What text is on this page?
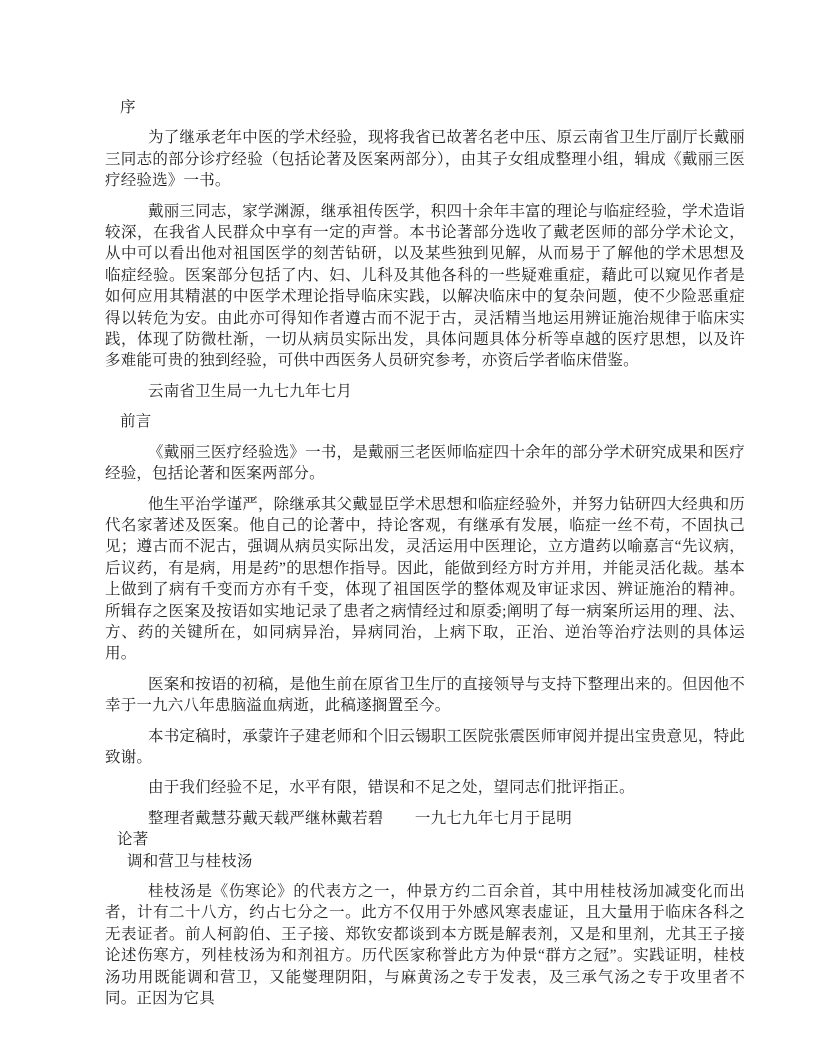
序
为了继承老年中医的学术经验，现将我省已故著名老中压、原云南省卫生厅副厅长戴丽三同志的部分诊疗经验（包括论著及医案两部分），由其子女组成整理小组，辑成《戴丽三医疗经验选》一书。
戴丽三同志，家学渊源，继承祖传医学，积四十余年丰富的理论与临症经验，学术造诣较深，在我省人民群众中享有一定的声誉。本书论著部分选收了戴老医师的部分学术论文，从中可以看出他对祖国医学的刻苦钻研，以及某些独到见解，从而易于了解他的学术思想及临症经验。医案部分包括了内、妇、儿科及其他各科的一些疑难重症，藉此可以窥见作者是如何应用其精湛的中医学术理论指导临床实践，以解决临床中的复杂问题，使不少险恶重症得以转危为安。由此亦可得知作者遵古而不泥于古，灵活精当地运用辨证施治规律于临床实践，体现了防微杜渐，一切从病员实际出发，具体问题具体分析等卓越的医疗思想，以及许多难能可贵的独到经验，可供中西医务人员研究参考，亦资后学者临床借鉴。
云南省卫生局一九七九年七月
前言
《戴丽三医疗经验选》一书，是戴丽三老医师临症四十余年的部分学术研究成果和医疗经验，包括论著和医案两部分。
他生平治学谨严，除继承其父戴显臣学术思想和临症经验外，并努力钻研四大经典和历代名家著述及医案。他自己的论著中，持论客观，有继承有发展，临症一丝不苟，不固执己见；遵古而不泥古，强调从病员实际出发，灵活运用中医理论，立方遣药以喻嘉言“先议病，后议药，有是病，用是药”的思想作指导。因此，能做到经方时方并用，并能灵活化裁。基本上做到了病有千变而方亦有千变，体现了祖国医学的整体观及审证求因、辨证施治的精神。所辑存之医案及按语如实地记录了患者之病情经过和原委;阐明了每一病案所运用的理、法、方、药的关键所在，如同病异治，异病同治，上病下取，正治、逆治等治疗法则的具体运用。
医案和按语的初稿，是他生前在原省卫生厅的直接领导与支持下整理出来的。但因他不幸于一九六八年患脑溢血病逝，此稿遂搁置至今。
本书定稿时，承蒙许子建老师和个旧云锡职工医院张震医师审阅并提出宝贵意见，特此致谢。
由于我们经验不足，水平有限，错误和不足之处，望同志们批评指正。
整理者戴慧芬戴天载严继林戴若碧　　一九七九年七月于昆明
论著
调和营卫与桂枝汤
桂枝汤是《伤寒论》的代表方之一，仲景方约二百余首，其中用桂枝汤加减变化而出者，计有二十八方，约占七分之一。此方不仅用于外感风寒表虚证，且大量用于临床各科之无表证者。前人柯韵伯、王子接、郑钦安都谈到本方既是解表剂，又是和里剂，尤其王子接论述伤寒方，列桂枝汤为和剂祖方。历代医家称誉此方为仲景“群方之冠”。实践证明，桂枝汤功用既能调和营卫，又能燮理阴阳，与麻黄汤之专于发表，及三承气汤之专于攻里者不同。正因为它具
